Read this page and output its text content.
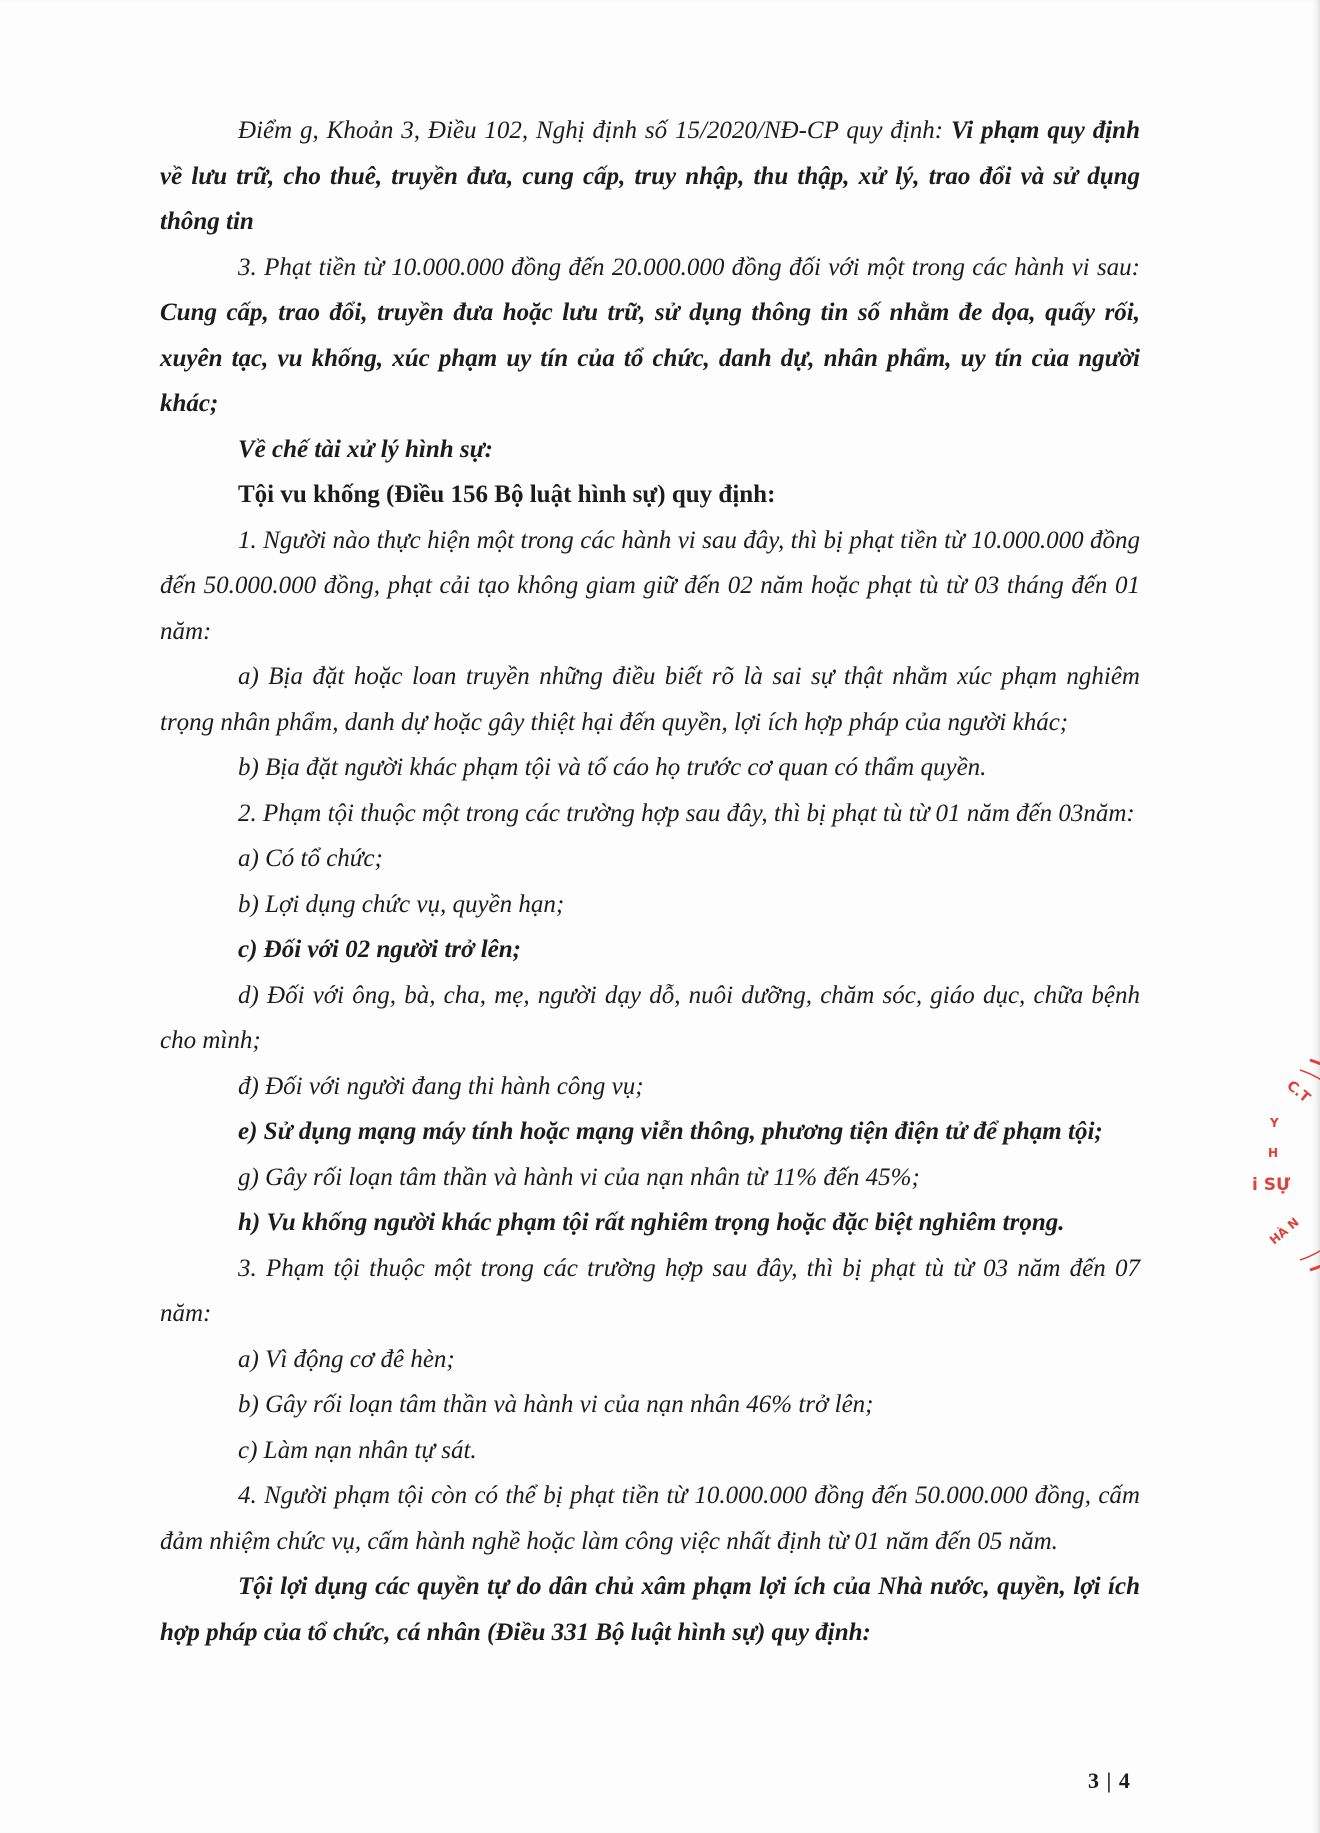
Điểm g, Khoản 3, Điều 102, Nghị định số 15/2020/NĐ-CP quy định: Vi phạm quy định về lưu trữ, cho thuê, truyền đưa, cung cấp, truy nhập, thu thập, xử lý, trao đổi và sử dụng thông tin

3. Phạt tiền từ 10.000.000 đồng đến 20.000.000 đồng đối với một trong các hành vi sau: Cung cấp, trao đổi, truyền đưa hoặc lưu trữ, sử dụng thông tin số nhằm đe dọa, quấy rối, xuyên tạc, vu khống, xúc phạm uy tín của tổ chức, danh dự, nhân phẩm, uy tín của người khác;

Về chế tài xử lý hình sự:

Tội vu khống (Điều 156 Bộ luật hình sự) quy định:

1. Người nào thực hiện một trong các hành vi sau đây, thì bị phạt tiền từ 10.000.000 đồng đến 50.000.000 đồng, phạt cải tạo không giam giữ đến 02 năm hoặc phạt tù từ 03 tháng đến 01 năm:

a) Bịa đặt hoặc loan truyền những điều biết rõ là sai sự thật nhằm xúc phạm nghiêm trọng nhân phẩm, danh dự hoặc gây thiệt hại đến quyền, lợi ích hợp pháp của người khác;

b) Bịa đặt người khác phạm tội và tố cáo họ trước cơ quan có thẩm quyền.

2. Phạm tội thuộc một trong các trường hợp sau đây, thì bị phạt tù từ 01 năm đến 03năm:

a) Có tổ chức;

b) Lợi dụng chức vụ, quyền hạn;

c) Đối với 02 người trở lên;

d) Đối với ông, bà, cha, mẹ, người dạy dỗ, nuôi dưỡng, chăm sóc, giáo dục, chữa bệnh cho mình;

đ) Đối với người đang thi hành công vụ;

e) Sử dụng mạng máy tính hoặc mạng viễn thông, phương tiện điện tử để phạm tội;

g) Gây rối loạn tâm thần và hành vi của nạn nhân từ 11% đến 45%;

h) Vu khống người khác phạm tội rất nghiêm trọng hoặc đặc biệt nghiêm trọng.

3. Phạm tội thuộc một trong các trường hợp sau đây, thì bị phạt tù từ 03 năm đến 07 năm:

a) Vì động cơ đê hèn;

b) Gây rối loạn tâm thần và hành vi của nạn nhân 46% trở lên;

c) Làm nạn nhân tự sát.

4. Người phạm tội còn có thể bị phạt tiền từ 10.000.000 đồng đến 50.000.000 đồng, cấm đảm nhiệm chức vụ, cấm hành nghề hoặc làm công việc nhất định từ 01 năm đến 05 năm.

Tội lợi dụng các quyền tự do dân chủ xâm phạm lợi ích của Nhà nước, quyền, lợi ích hợp pháp của tổ chức, cá nhân (Điều 331 Bộ luật hình sự) quy định:

3 | 4
C.T
Y
H
i SỰ
HÀ N
